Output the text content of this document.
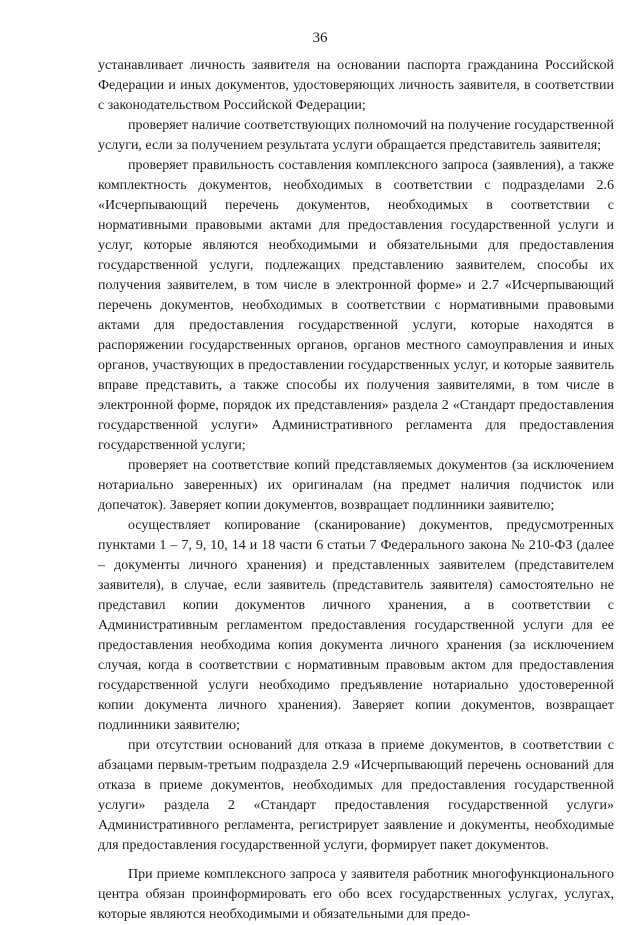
36

устанавливает личность заявителя на основании паспорта гражданина Российской Федерации и иных документов, удостоверяющих личность заявителя, в соответствии с законодательством Российской Федерации;

проверяет наличие соответствующих полномочий на получение государственной услуги, если за получением результата услуги обращается представитель заявителя;

проверяет правильность составления комплексного запроса (заявления), а также комплектность документов, необходимых в соответствии с подразделами 2.6 «Исчерпывающий перечень документов, необходимых в соответствии с нормативными правовыми актами для предоставления государственной услуги и услуг, которые являются необходимыми и обязательными для предоставления государственной услуги, подлежащих представлению заявителем, способы их получения заявителем, в том числе в электронной форме» и 2.7 «Исчерпывающий перечень документов, необходимых в соответствии с нормативными правовыми актами для предоставления государственной услуги, которые находятся в распоряжении государственных органов, органов местного самоуправления и иных органов, участвующих в предоставлении государственных услуг, и которые заявитель вправе представить, а также способы их получения заявителями, в том числе в электронной форме, порядок их представления» раздела 2 «Стандарт предоставления государственной услуги» Административного регламента для предоставления государственной услуги;

проверяет на соответствие копий представляемых документов (за исключением нотариально заверенных) их оригиналам (на предмет наличия подчисток или допечаток). Заверяет копии документов, возвращает подлинники заявителю;

осуществляет копирование (сканирование) документов, предусмотренных пунктами 1 – 7, 9, 10, 14 и 18 части 6 статьи 7 Федерального закона № 210-ФЗ (далее – документы личного хранения) и представленных заявителем (представителем заявителя), в случае, если заявитель (представитель заявителя) самостоятельно не представил копии документов личного хранения, а в соответствии с Административным регламентом предоставления государственной услуги для ее предоставления необходима копия документа личного хранения (за исключением случая, когда в соответствии с нормативным правовым актом для предоставления государственной услуги необходимо предъявление нотариально удостоверенной копии документа личного хранения). Заверяет копии документов, возвращает подлинники заявителю;

при отсутствии оснований для отказа в приеме документов, в соответствии с абзацами первым-третьим подраздела 2.9 «Исчерпывающий перечень оснований для отказа в приеме документов, необходимых для предоставления государственной услуги» раздела 2 «Стандарт предоставления государственной услуги» Административного регламента, регистрирует заявление и документы, необходимые для предоставления государственной услуги, формирует пакет документов.

При приеме комплексного запроса у заявителя работник многофункционального центра обязан проинформировать его обо всех государственных услугах, услугах, которые являются необходимыми и обязательными для предо-
